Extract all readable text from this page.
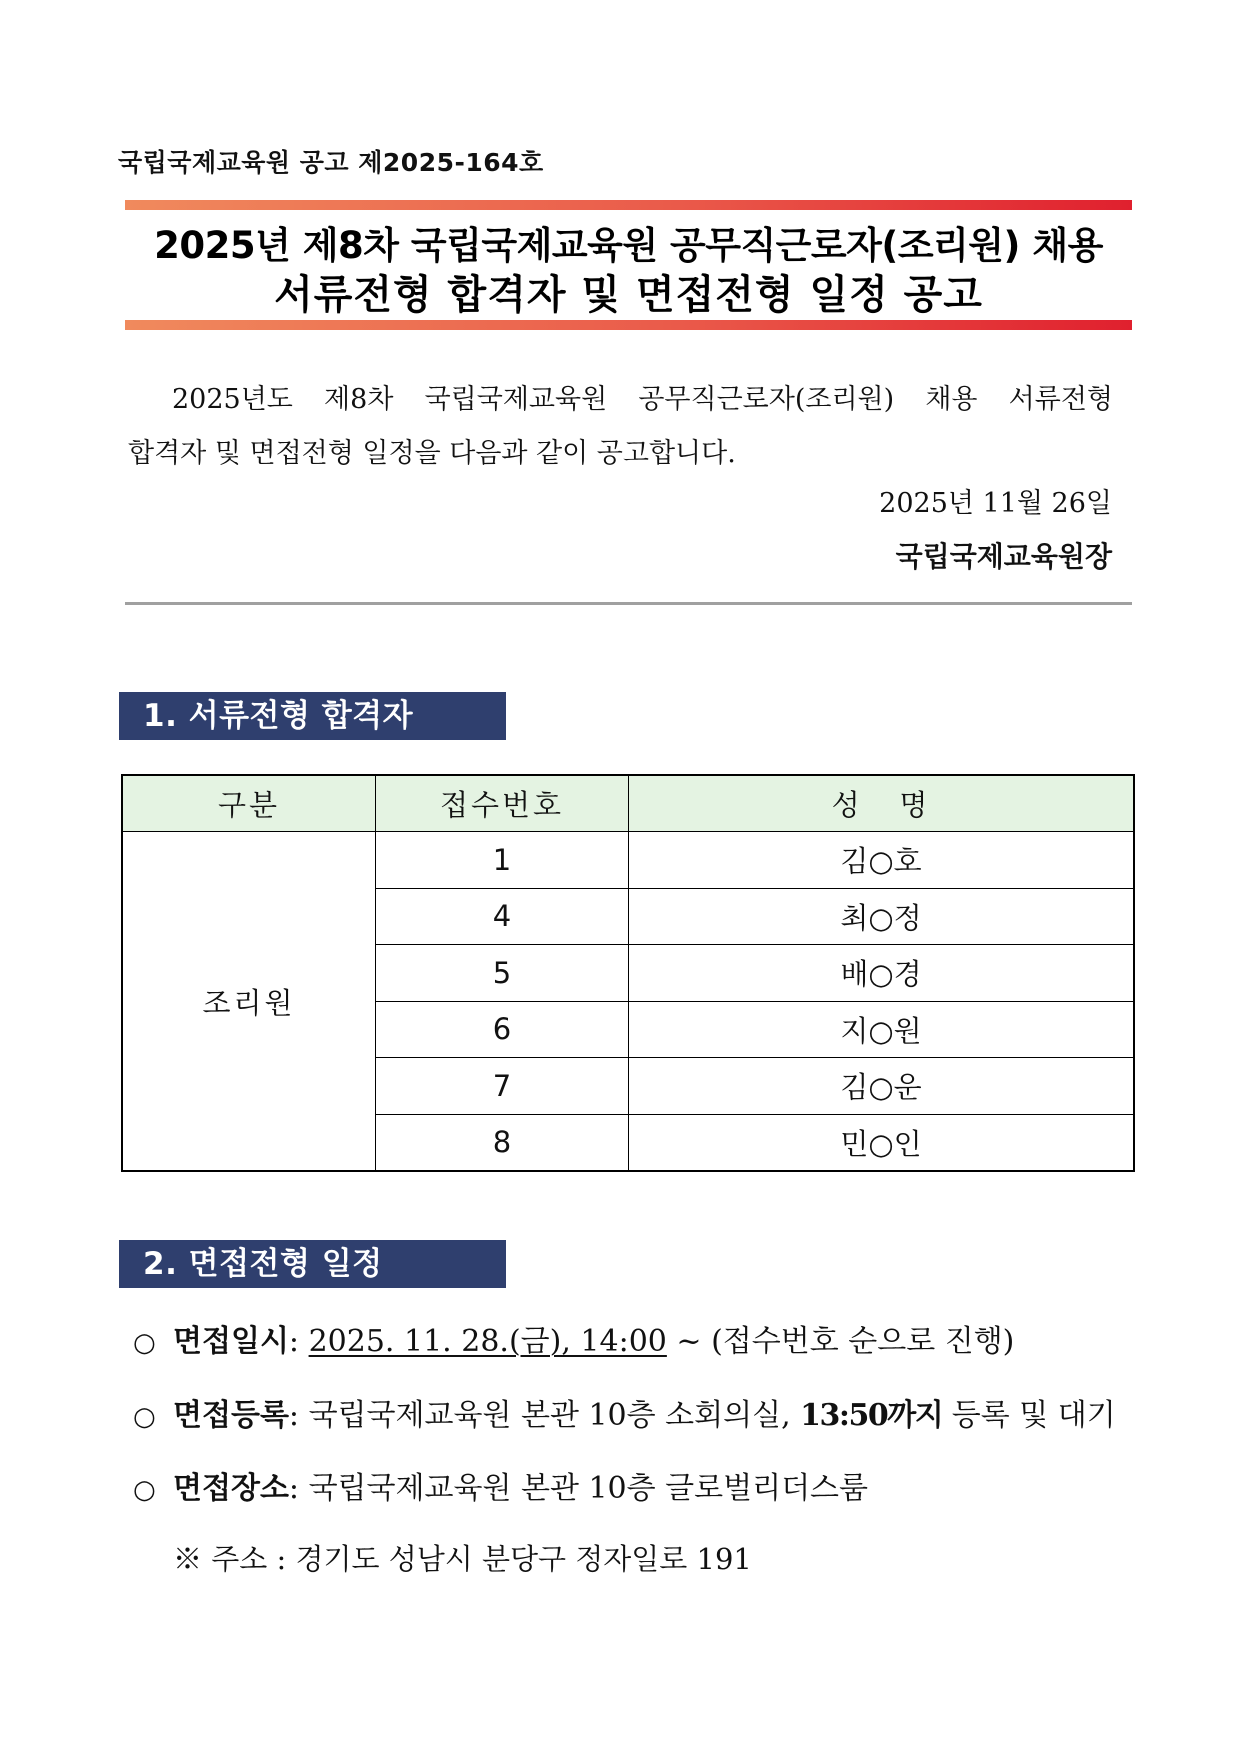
국립국제교육원 공고 제2025-164호
2025년 제8차 국립국제교육원 공무직근로자(조리원) 채용
서류전형 합격자 및 면접전형 일정 공고
2025년도 제8차 국립국제교육원 공무직근로자(조리원) 채용 서류전형
합격자 및 면접전형 일정을 다음과 같이 공고합니다.
2025년 11월 26일
국립국제교육원장
1. 서류전형 합격자
구분	접수번호	성   명
조리원	1	김○호
	4	최○정
	5	배○경
	6	지○원
	7	김○운
	8	민○인
2. 면접전형 일정
○ 면접일시: 2025. 11. 28.(금), 14:00 ~ (접수번호 순으로 진행)
○ 면접등록: 국립국제교육원 본관 10층 소회의실, 13:50까지 등록 및 대기
○ 면접장소: 국립국제교육원 본관 10층 글로벌리더스룸
※ 주소 : 경기도 성남시 분당구 정자일로 191
